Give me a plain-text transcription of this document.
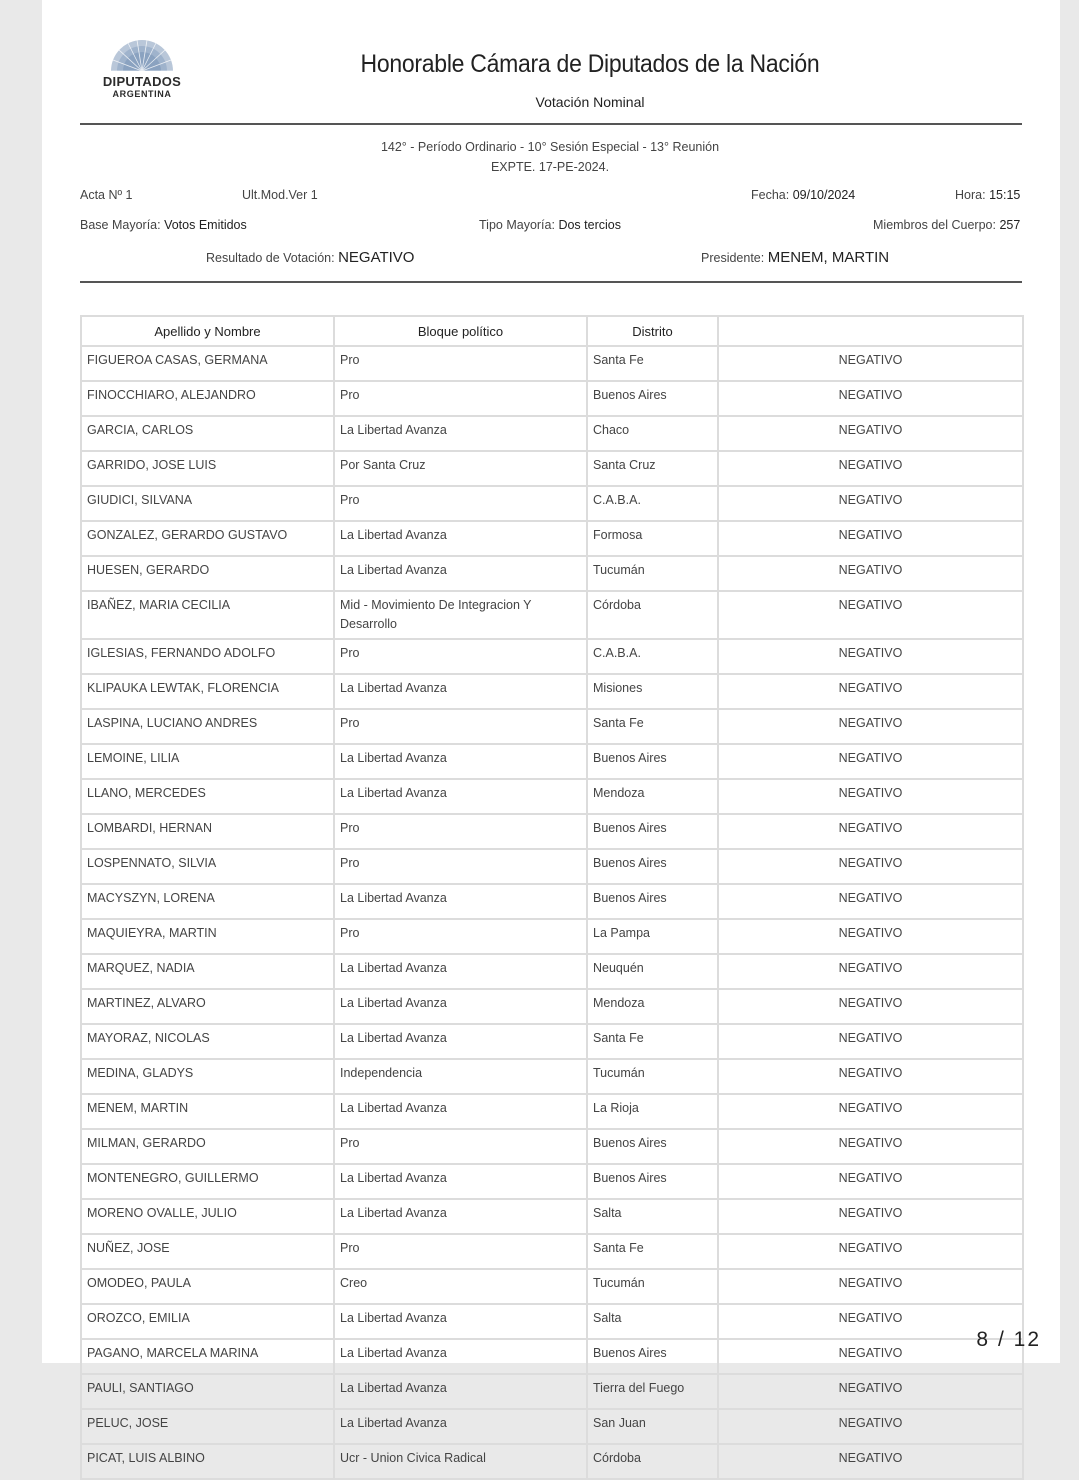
DIPUTADOS
ARGENTINA
Honorable Cámara de Diputados de la Nación
Votación Nominal
142° - Período Ordinario - 10° Sesión Especial - 13° Reunión
EXPTE. 17-PE-2024.
Acta Nº 1	Ult.Mod.Ver 1	Fecha: 09/10/2024	Hora: 15:15
Base Mayoría: Votos Emitidos	Tipo Mayoría: Dos tercios	Miembros del Cuerpo: 257
Resultado de Votación: NEGATIVO	Presidente: MENEM, MARTIN
Apellido y Nombre	Bloque político	Distrito	
FIGUEROA CASAS, GERMANA	Pro	Santa Fe	NEGATIVO
FINOCCHIARO, ALEJANDRO	Pro	Buenos Aires	NEGATIVO
GARCIA, CARLOS	La Libertad Avanza	Chaco	NEGATIVO
GARRIDO, JOSE LUIS	Por Santa Cruz	Santa Cruz	NEGATIVO
GIUDICI, SILVANA	Pro	C.A.B.A.	NEGATIVO
GONZALEZ, GERARDO GUSTAVO	La Libertad Avanza	Formosa	NEGATIVO
HUESEN, GERARDO	La Libertad Avanza	Tucumán	NEGATIVO
IBAÑEZ, MARIA CECILIA	Mid - Movimiento De Integracion Y Desarrollo	Córdoba	NEGATIVO
IGLESIAS, FERNANDO ADOLFO	Pro	C.A.B.A.	NEGATIVO
KLIPAUKA LEWTAK, FLORENCIA	La Libertad Avanza	Misiones	NEGATIVO
LASPINA, LUCIANO ANDRES	Pro	Santa Fe	NEGATIVO
LEMOINE, LILIA	La Libertad Avanza	Buenos Aires	NEGATIVO
LLANO, MERCEDES	La Libertad Avanza	Mendoza	NEGATIVO
LOMBARDI, HERNAN	Pro	Buenos Aires	NEGATIVO
LOSPENNATO, SILVIA	Pro	Buenos Aires	NEGATIVO
MACYSZYN, LORENA	La Libertad Avanza	Buenos Aires	NEGATIVO
MAQUIEYRA, MARTIN	Pro	La Pampa	NEGATIVO
MARQUEZ, NADIA	La Libertad Avanza	Neuquén	NEGATIVO
MARTINEZ, ALVARO	La Libertad Avanza	Mendoza	NEGATIVO
MAYORAZ, NICOLAS	La Libertad Avanza	Santa Fe	NEGATIVO
MEDINA, GLADYS	Independencia	Tucumán	NEGATIVO
MENEM, MARTIN	La Libertad Avanza	La Rioja	NEGATIVO
MILMAN, GERARDO	Pro	Buenos Aires	NEGATIVO
MONTENEGRO, GUILLERMO	La Libertad Avanza	Buenos Aires	NEGATIVO
MORENO OVALLE, JULIO	La Libertad Avanza	Salta	NEGATIVO
NUÑEZ, JOSE	Pro	Santa Fe	NEGATIVO
OMODEO, PAULA	Creo	Tucumán	NEGATIVO
OROZCO, EMILIA	La Libertad Avanza	Salta	NEGATIVO
PAGANO, MARCELA MARINA	La Libertad Avanza	Buenos Aires	NEGATIVO
PAULI, SANTIAGO	La Libertad Avanza	Tierra del Fuego	NEGATIVO
PELUC, JOSE	La Libertad Avanza	San Juan	NEGATIVO
PICAT, LUIS ALBINO	Ucr - Union Civica Radical	Córdoba	NEGATIVO
8 / 12
